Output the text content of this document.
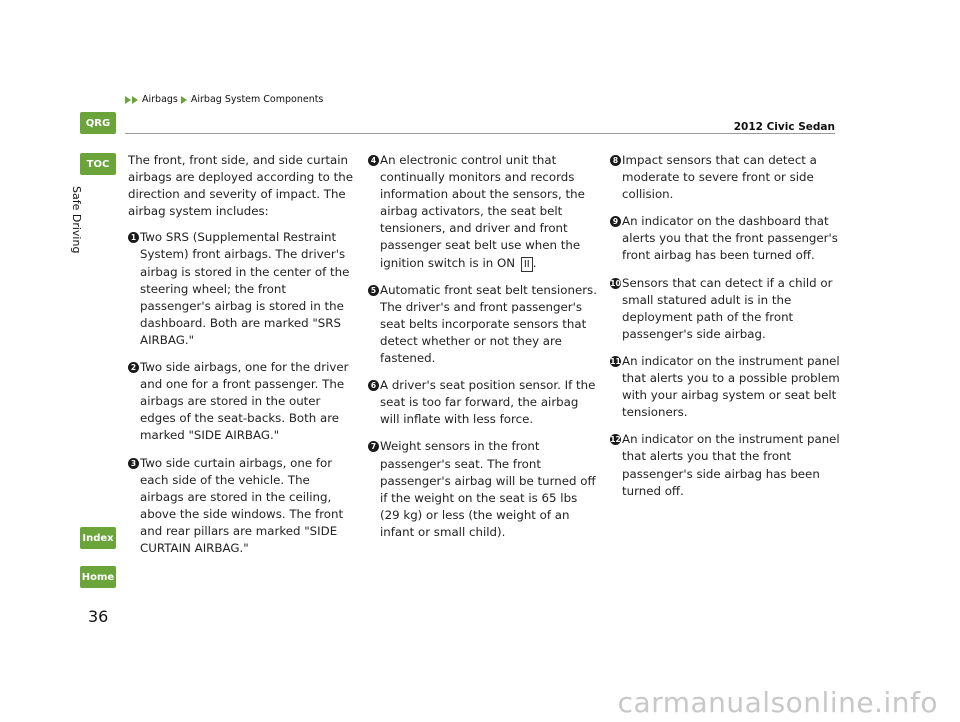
Airbags Airbag System Components
2012 Civic Sedan
QRG
TOC
Safe Driving
Index
Home

The front, front side, and side curtain airbags are deployed according to the direction and severity of impact. The airbag system includes:

1 Two SRS (Supplemental Restraint System) front airbags. The driver's airbag is stored in the center of the steering wheel; the front passenger's airbag is stored in the dashboard. Both are marked "SRS AIRBAG."
2 Two side airbags, one for the driver and one for a front passenger. The airbags are stored in the outer edges of the seat-backs. Both are marked "SIDE AIRBAG."
3 Two side curtain airbags, one for each side of the vehicle. The airbags are stored in the ceiling, above the side windows. The front and rear pillars are marked "SIDE CURTAIN AIRBAG."
4 An electronic control unit that continually monitors and records information about the sensors, the airbag activators, the seat belt tensioners, and driver and front passenger seat belt use when the ignition switch is in ON II .
5 Automatic front seat belt tensioners. The driver's and front passenger's seat belts incorporate sensors that detect whether or not they are fastened.
6 A driver's seat position sensor. If the seat is too far forward, the airbag will inflate with less force.
7 Weight sensors in the front passenger's seat. The front passenger's airbag will be turned off if the weight on the seat is 65 lbs (29 kg) or less (the weight of an infant or small child).
8 Impact sensors that can detect a moderate to severe front or side collision.
9 An indicator on the dashboard that alerts you that the front passenger's front airbag has been turned off.
10 Sensors that can detect if a child or small statured adult is in the deployment path of the front passenger's side airbag.
11 An indicator on the instrument panel that alerts you to a possible problem with your airbag system or seat belt tensioners.
12 An indicator on the instrument panel that alerts you that the front passenger's side airbag has been turned off.
36
carmanualsonline.info
